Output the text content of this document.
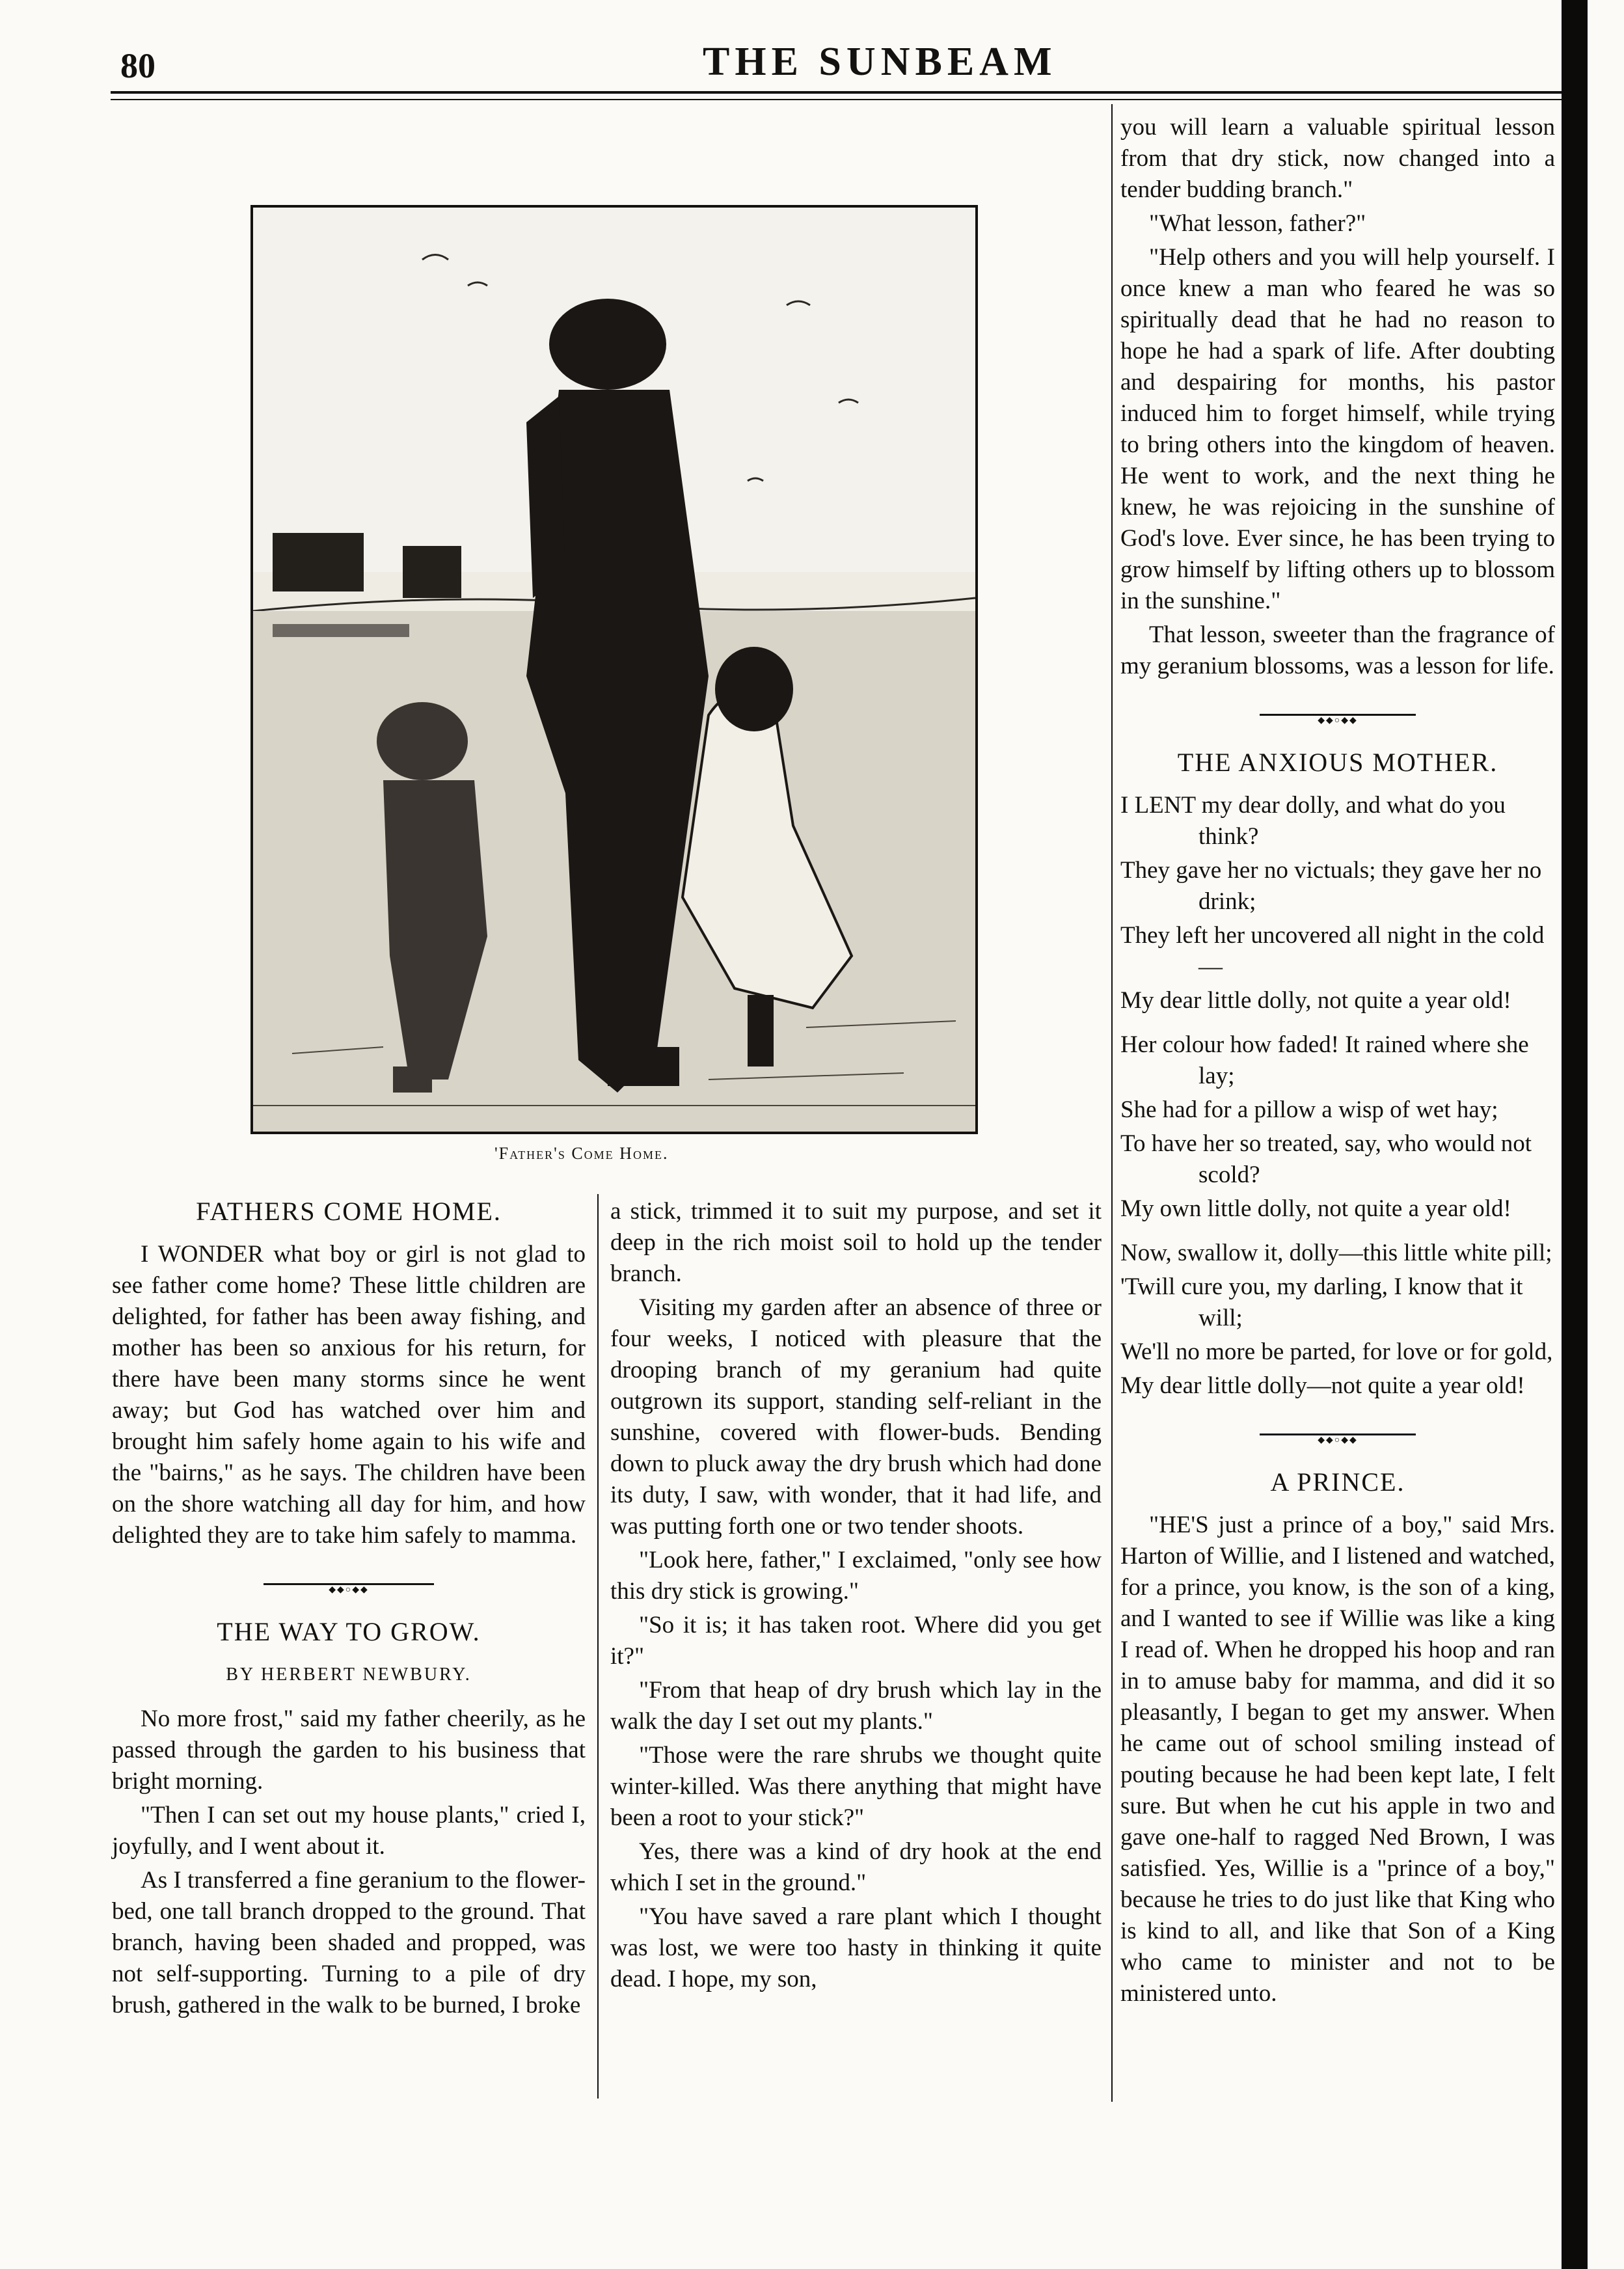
80	THE SUNBEAM
'Father's Come Home.
FATHERS COME HOME.

I WONDER what boy or girl is not glad to see father come home? These little children are delighted, for father has been away fishing, and mother has been so anxious for his return, for there have been many storms since he went away; but God has watched over him and brought him safely home again to his wife and the "bairns," as he says. The children have been on the shore watching all day for him, and how delighted they are to take him safely to mamma.

◆◆○◆◆
THE WAY TO GROW.
BY HERBERT NEWBURY.

No more frost," said my father cheerily, as he passed through the garden to his business that bright morning.

"Then I can set out my house plants," cried I, joyfully, and I went about it.

As I transferred a fine geranium to the flower-bed, one tall branch dropped to the ground. That branch, having been shaded and propped, was not self-supporting. Turning to a pile of dry brush, gathered in the walk to be burned, I broke

a stick, trimmed it to suit my purpose, and set it deep in the rich moist soil to hold up the tender branch.

Visiting my garden after an absence of three or four weeks, I noticed with pleasure that the drooping branch of my geranium had quite outgrown its support, standing self-reliant in the sunshine, covered with flower-buds. Bending down to pluck away the dry brush which had done its duty, I saw, with wonder, that it had life, and was putting forth one or two tender shoots.

"Look here, father," I exclaimed, "only see how this dry stick is growing."

"So it is; it has taken root. Where did you get it?"

"From that heap of dry brush which lay in the walk the day I set out my plants."

"Those were the rare shrubs we thought quite winter-killed. Was there anything that might have been a root to your stick?"

Yes, there was a kind of dry hook at the end which I set in the ground."

"You have saved a rare plant which I thought was lost, we were too hasty in thinking it quite dead. I hope, my son,

you will learn a valuable spiritual lesson from that dry stick, now changed into a tender budding branch."

"What lesson, father?"

"Help others and you will help yourself. I once knew a man who feared he was so spiritually dead that he had no reason to hope he had a spark of life. After doubting and despairing for months, his pastor induced him to forget himself, while trying to bring others into the kingdom of heaven. He went to work, and the next thing he knew, he was rejoicing in the sunshine of God's love. Ever since, he has been trying to grow himself by lifting others up to blossom in the sunshine."

That lesson, sweeter than the fragrance of my geranium blossoms, was a lesson for life.

◆◆○◆◆
THE ANXIOUS MOTHER.
I LENT my dear dolly, and what do you think?
They gave her no victuals; they gave her no drink;
They left her uncovered all night in the cold—
My dear little dolly, not quite a year old!
Her colour how faded! It rained where she lay;
She had for a pillow a wisp of wet hay;
To have her so treated, say, who would not scold?
My own little dolly, not quite a year old!
Now, swallow it, dolly—this little white pill;
'Twill cure you, my darling, I know that it will;
We'll no more be parted, for love or for gold,
My dear little dolly—not quite a year old!
◆◆○◆◆
A PRINCE.

"HE'S just a prince of a boy," said Mrs. Harton of Willie, and I listened and watched, for a prince, you know, is the son of a king, and I wanted to see if Willie was like a king I read of. When he dropped his hoop and ran in to amuse baby for mamma, and did it so pleasantly, I began to get my answer. When he came out of school smiling instead of pouting because he had been kept late, I felt sure. But when he cut his apple in two and gave one-half to ragged Ned Brown, I was satisfied. Yes, Willie is a "prince of a boy," because he tries to do just like that King who is kind to all, and like that Son of a King who came to minister and not to be ministered unto.
